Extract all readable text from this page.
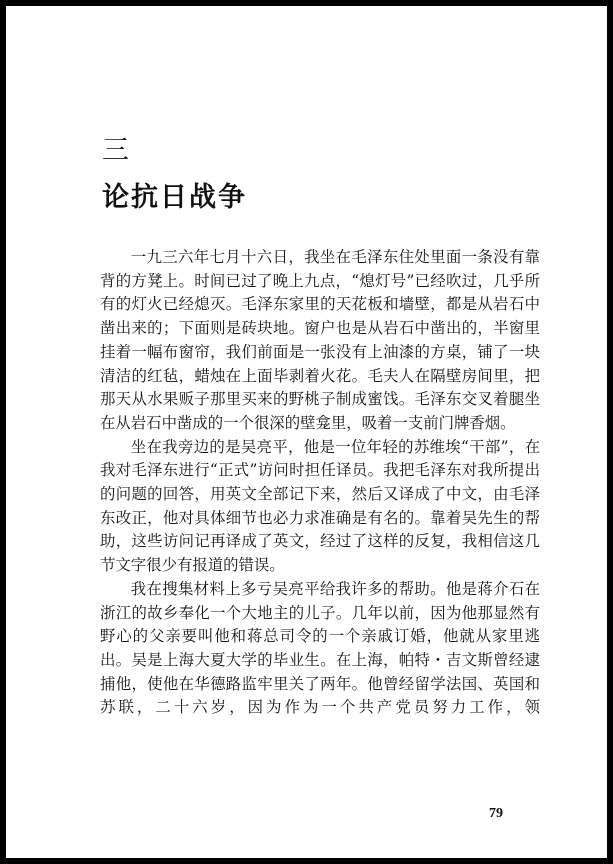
三
论抗日战争

一九三六年七月十六日，我坐在毛泽东住处里面一条没有靠背的方凳上。时间已过了晚上九点，“熄灯号”已经吹过，几乎所有的灯火已经熄灭。毛泽东家里的天花板和墙壁，都是从岩石中凿出来的；下面则是砖块地。窗户也是从岩石中凿出的，半窗里挂着一幅布窗帘，我们前面是一张没有上油漆的方桌，铺了一块清洁的红毡，蜡烛在上面毕剥着火花。毛夫人在隔壁房间里，把那天从水果贩子那里买来的野桃子制成蜜饯。毛泽东交叉着腿坐在从岩石中凿成的一个很深的壁龛里，吸着一支前门牌香烟。

坐在我旁边的是吴亮平，他是一位年轻的苏维埃“干部”，在我对毛泽东进行“正式”访问时担任译员。我把毛泽东对我所提出的问题的回答，用英文全部记下来，然后又译成了中文，由毛泽东改正，他对具体细节也必力求准确是有名的。靠着吴先生的帮助，这些访问记再译成了英文，经过了这样的反复，我相信这几节文字很少有报道的错误。

我在搜集材料上多亏吴亮平给我许多的帮助。他是蒋介石在浙江的故乡奉化一个大地主的儿子。几年以前，因为他那显然有野心的父亲要叫他和蒋总司令的一个亲戚订婚，他就从家里逃出。吴是上海大夏大学的毕业生。在上海，帕特・吉文斯曾经逮捕他，使他在华德路监牢里关了两年。他曾经留学法国、英国和苏联，二十六岁，因为作为一个共产党员努力工作，领

79
